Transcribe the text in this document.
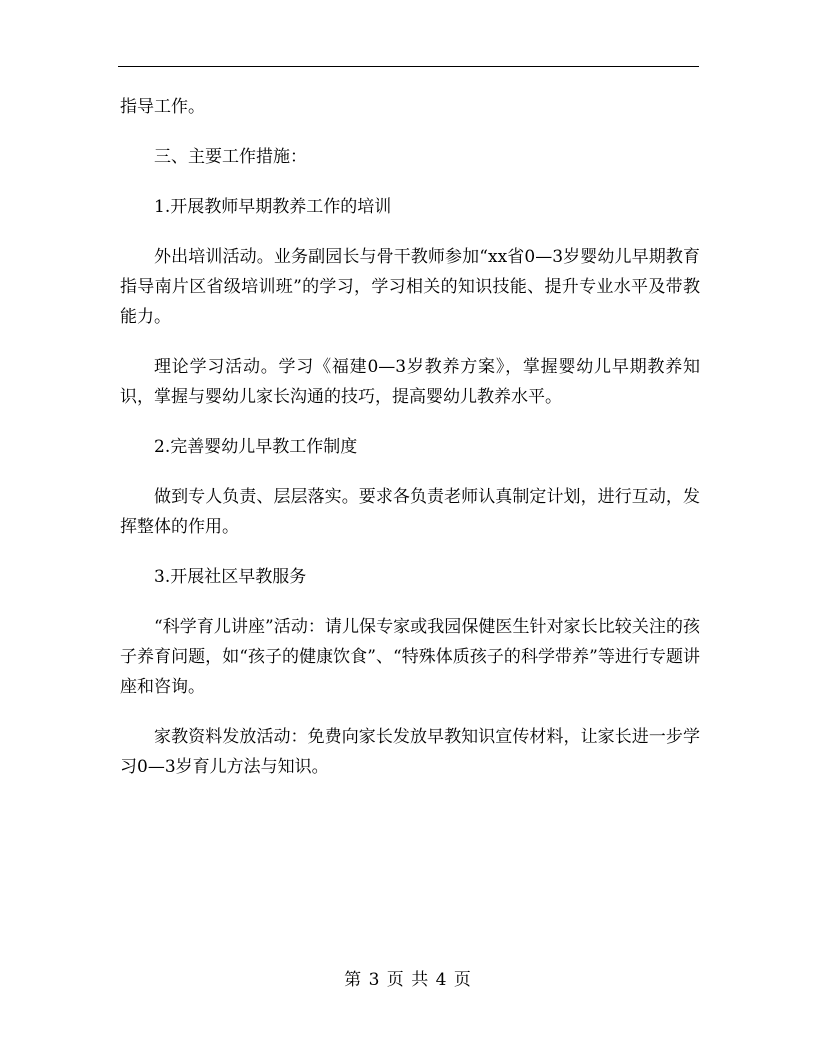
指导工作。

三、主要工作措施：

1.开展教师早期教养工作的培训

外出培训活动。业务副园长与骨干教师参加“xx省0—3岁婴幼儿早期教育指导南片区省级培训班”的学习，学习相关的知识技能、提升专业水平及带教能力。

理论学习活动。学习《福建0—3岁教养方案》，掌握婴幼儿早期教养知识，掌握与婴幼儿家长沟通的技巧，提高婴幼儿教养水平。

2.完善婴幼儿早教工作制度

做到专人负责、层层落实。要求各负责老师认真制定计划，进行互动，发挥整体的作用。

3.开展社区早教服务

“科学育儿讲座”活动：请儿保专家或我园保健医生针对家长比较关注的孩子养育问题，如“孩子的健康饮食”、“特殊体质孩子的科学带养”等进行专题讲座和咨询。

家教资料发放活动：免费向家长发放早教知识宣传材料，让家长进一步学习0—3岁育儿方法与知识。

第 3 页 共 4 页
